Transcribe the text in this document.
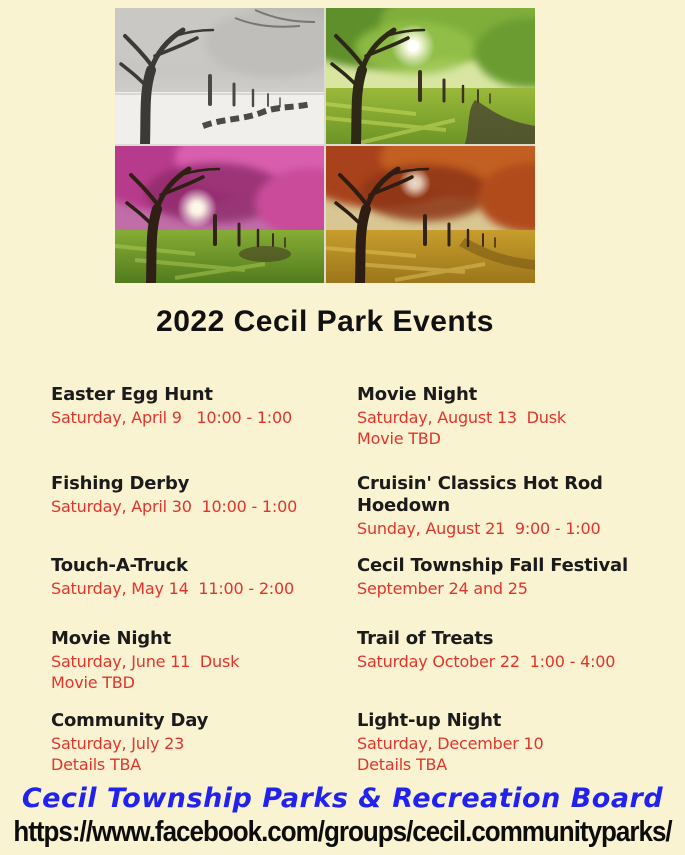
2022 Cecil Park Events
Easter Egg Hunt
Saturday, April 9   10:00 - 1:00
Fishing Derby
Saturday, April 30  10:00 - 1:00
Touch-A-Truck
Saturday, May 14  11:00 - 2:00
Movie Night
Saturday, June 11  Dusk
Movie TBD
Community Day
Saturday, July 23
Details TBA
Movie Night
Saturday, August 13  Dusk
Movie TBD
Cruisin' Classics Hot Rod Hoedown
Sunday, August 21  9:00 - 1:00
Cecil Township Fall Festival
September 24 and 25
Trail of Treats
Saturday October 22  1:00 - 4:00
Light-up Night
Saturday, December 10
Details TBA
Cecil Township Parks & Recreation Board
https://www.facebook.com/groups/cecil.communityparks/
